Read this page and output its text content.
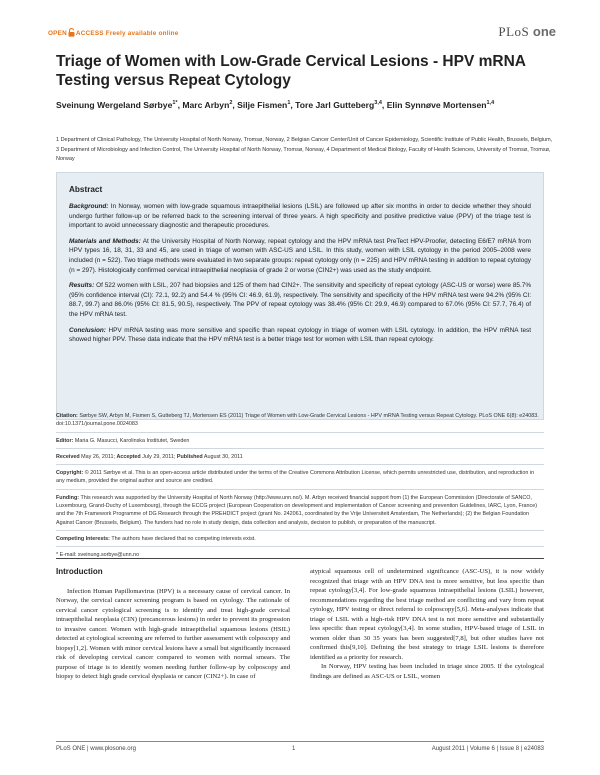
OPEN ACCESS Freely available online	PLoS one
Triage of Women with Low-Grade Cervical Lesions - HPV mRNA Testing versus Repeat Cytology
Sveinung Wergeland Sørbye$^{1*}$, Marc Arbyn$^2$, Silje Fismen$^1$, Tore Jarl Gutteberg$^{3,4}$, Elin Synnøve Mortensen$^{1,4}$
1 Department of Clinical Pathology, The University Hospital of North Norway, Tromsø, Norway, 2 Belgian Cancer Center/Unit of Cancer Epidemiology, Scientific Institute of Public Health, Brussels, Belgium, 3 Department of Microbiology and Infection Control, The University Hospital of North Norway, Tromsø, Norway, 4 Department of Medical Biology, Faculty of Health Sciences, University of Tromsø, Tromsø, Norway
Abstract

Background: In Norway, women with low-grade squamous intraepithelial lesions (LSIL) are followed up after six months in order to decide whether they should undergo further follow-up or be referred back to the screening interval of three years. A high specificity and positive predictive value (PPV) of the triage test is important to avoid unnecessary diagnostic and therapeutic procedures.

Materials and Methods: At the University Hospital of North Norway, repeat cytology and the HPV mRNA test PreTect HPV-Proofer, detecting E6/E7 mRNA from HPV types 16, 18, 31, 33 and 45, are used in triage of women with ASC-US and LSIL. In this study, women with LSIL cytology in the period 2005–2008 were included (n = 522). Two triage methods were evaluated in two separate groups: repeat cytology only (n = 225) and HPV mRNA testing in addition to repeat cytology (n = 297). Histologically confirmed cervical intraepithelial neoplasia of grade 2 or worse (CIN2+) was used as the study endpoint.

Results: Of 522 women with LSIL, 207 had biopsies and 125 of them had CIN2+. The sensitivity and specificity of repeat cytology (ASC-US or worse) were 85.7% (95% confidence interval (CI): 72.1, 92.2) and 54.4 % (95% CI: 46.9, 61.9), respectively. The sensitivity and specificity of the HPV mRNA test were 94.2% (95% CI: 88.7, 99.7) and 86.0% (95% CI: 81.5, 90.5), respectively. The PPV of repeat cytology was 38.4% (95% CI: 29.9, 46.9) compared to 67.0% (95% CI: 57.7, 76.4) of the HPV mRNA test.

Conclusion: HPV mRNA testing was more sensitive and specific than repeat cytology in triage of women with LSIL cytology. In addition, the HPV mRNA test showed higher PPV. These data indicate that the HPV mRNA test is a better triage test for women with LSIL than repeat cytology.

Citation: Sørbye SW, Arbyn M, Fismen S, Gutteberg TJ, Mortensen ES (2011) Triage of Women with Low-Grade Cervical Lesions - HPV mRNA Testing versus Repeat Cytology. PLoS ONE 6(8): e24083. doi:10.1371/journal.pone.0024083
Editor: Maria G. Masucci, Karolinska Institutet, Sweden
Received May 26, 2011; Accepted July 29, 2011; Published August 30, 2011
Copyright: © 2011 Sørbye et al. This is an open-access article distributed under the terms of the Creative Commons Attribution License, which permits unrestricted use, distribution, and reproduction in any medium, provided the original author and source are credited.
Funding: This research was supported by the University Hospital of North Norway (http://www.unn.no/). M. Arbyn received financial support from (1) the European Commission (Directorate of SANCO, Luxembourg, Grand-Duchy of Luxembourg), through the ECCG project (European Cooperation on development and implementation of Cancer screening and prevention Guidelines, IARC, Lyon, France) and the 7th Framework Programme of DG Research through the PREHDICT project (grant No. 242061, coordinated by the Vrije Universiteit Amsterdam, The Netherlands); (2) the Belgian Foundation Against Cancer (Brussels, Belgium). The funders had no role in study design, data collection and analysis, decision to publish, or preparation of the manuscript.
Competing Interests: The authors have declared that no competing interests exist.
* E-mail: sveinung.sorbye@unn.no
Introduction

Infection Human Papillomavirus (HPV) is a necessary cause of cervical cancer. In Norway, the cervical cancer screening program is based on cytology. The rationale of cervical cancer cytological screening is to identify and treat high-grade cervical intraepithelial neoplasia (CIN) (precancerous lesions) in order to prevent its progression to invasive cancer. Women with high-grade intraepithelial squamous lesions (HSIL) detected at cytological screening are referred to further assessment with colposcopy and biopsy[1,2]. Women with minor cervical lesions have a small but significantly increased risk of developing cervical cancer compared to women with normal smears. The purpose of triage is to identify women needing further follow-up by colposcopy and biopsy to detect high grade cervical dysplasia or cancer (CIN2+). In case of

atypical squamous cell of undetermined significance (ASC-US), it is now widely recognized that triage with an HPV DNA test is more sensitive, but less specific than repeat cytology[3,4]. For low-grade squamous intraepithelial lesions (LSIL) however, recommendations regarding the best triage method are conflicting and vary from repeat cytology, HPV testing or direct referral to colposcopy[5,6]. Meta-analyses indicate that triage of LSIL with a high-risk HPV DNA test is not more sensitive and substantially less specific than repeat cytology[3,4]. In some studies, HPV-based triage of LSIL in women older than 30 35 years has been suggested[7,8], but other studies have not confirmed this[9,10]. Defining the best strategy to triage LSIL lesions is therefore identified as a priority for research.

In Norway, HPV testing has been included in triage since 2005. If the cytological findings are defined as ASC-US or LSIL, women

PLoS ONE | www.plosone.org	1	August 2011 | Volume 6 | Issue 8 | e24083
